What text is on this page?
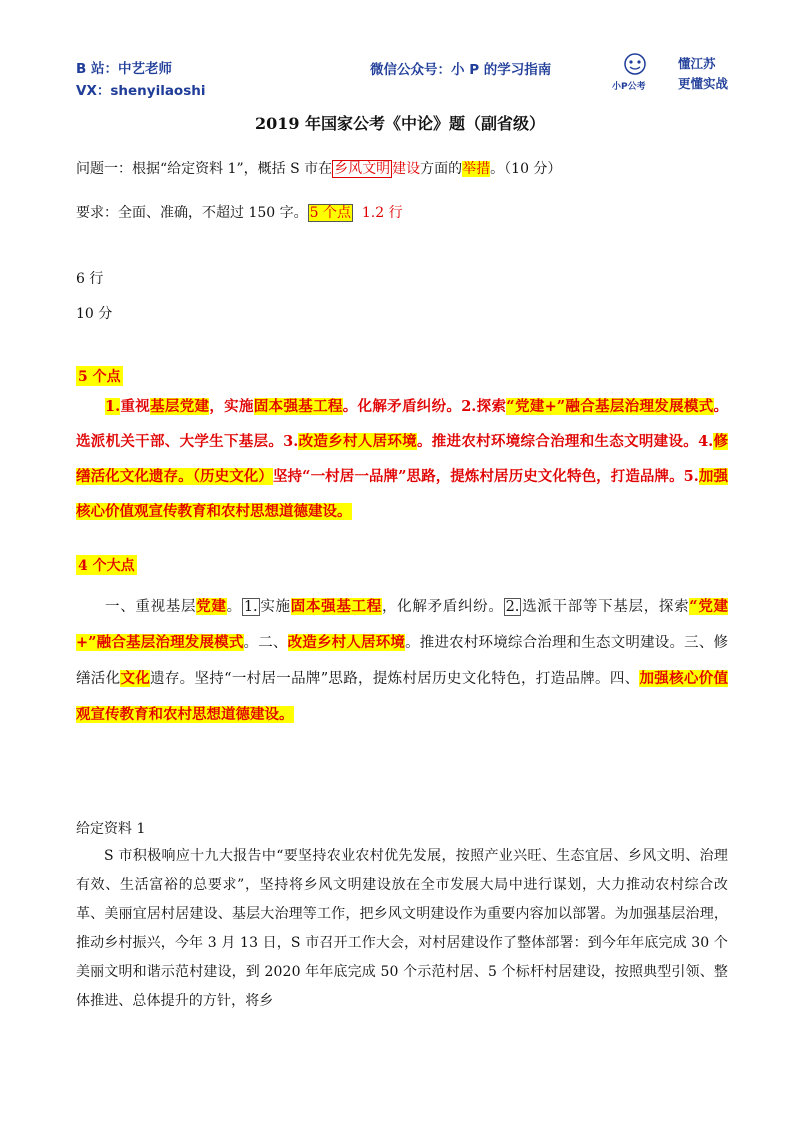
B 站：中艺老师
VX：shenyilaoshi
微信公众号：小 P 的学习指南
小P公考
懂江苏
更懂实战
2019 年国家公考《中论》题（副省级）
问题一：根据“给定资料 1”，概括 S 市在 乡风文明 建设方面的举措。（10 分）
要求：全面、准确，不超过 150 字。 5 个点 1.2 行
6 行
10 分
5 个点
1.重视基层党建，实施固本强基工程。化解矛盾纠纷。2.探索“党建+”融合基层治理发展模式。选派机关干部、大学生下基层。3.改造乡村人居环境。推进农村环境综合治理和生态文明建设。4.修缮活化文化遗存。（历史文化）坚持“一村居一品牌”思路，提炼村居历史文化特色，打造品牌。5.加强核心价值观宣传教育和农村思想道德建设。
4 个大点
一、重视基层党建。 1. 实施固本强基工程，化解矛盾纠纷。 2. 选派干部等下基层，探索“党建+”融合基层治理发展模式。二、改造乡村人居环境。推进农村环境综合治理和生态文明建设。三、修缮活化文化遗存。坚持“一村居一品牌”思路，提炼村居历史文化特色，打造品牌。四、加强核心价值观宣传教育和农村思想道德建设。
给定资料 1
S 市积极响应十九大报告中“要坚持农业农村优先发展，按照产业兴旺、生态宜居、乡风文明、治理有效、生活富裕的总要求”，坚持将乡风文明建设放在全市发展大局中进行谋划，大力推动农村综合改革、美丽宜居村居建设、基层大治理等工作，把乡风文明建设作为重要内容加以部署。为加强基层治理，推动乡村振兴，今年 3 月 13 日，S 市召开工作大会，对村居建设作了整体部署：到今年年底完成 30 个美丽文明和谐示范村建设，到 2020 年年底完成 50 个示范村居、5 个标杆村居建设，按照典型引领、整体推进、总体提升的方针，将乡
